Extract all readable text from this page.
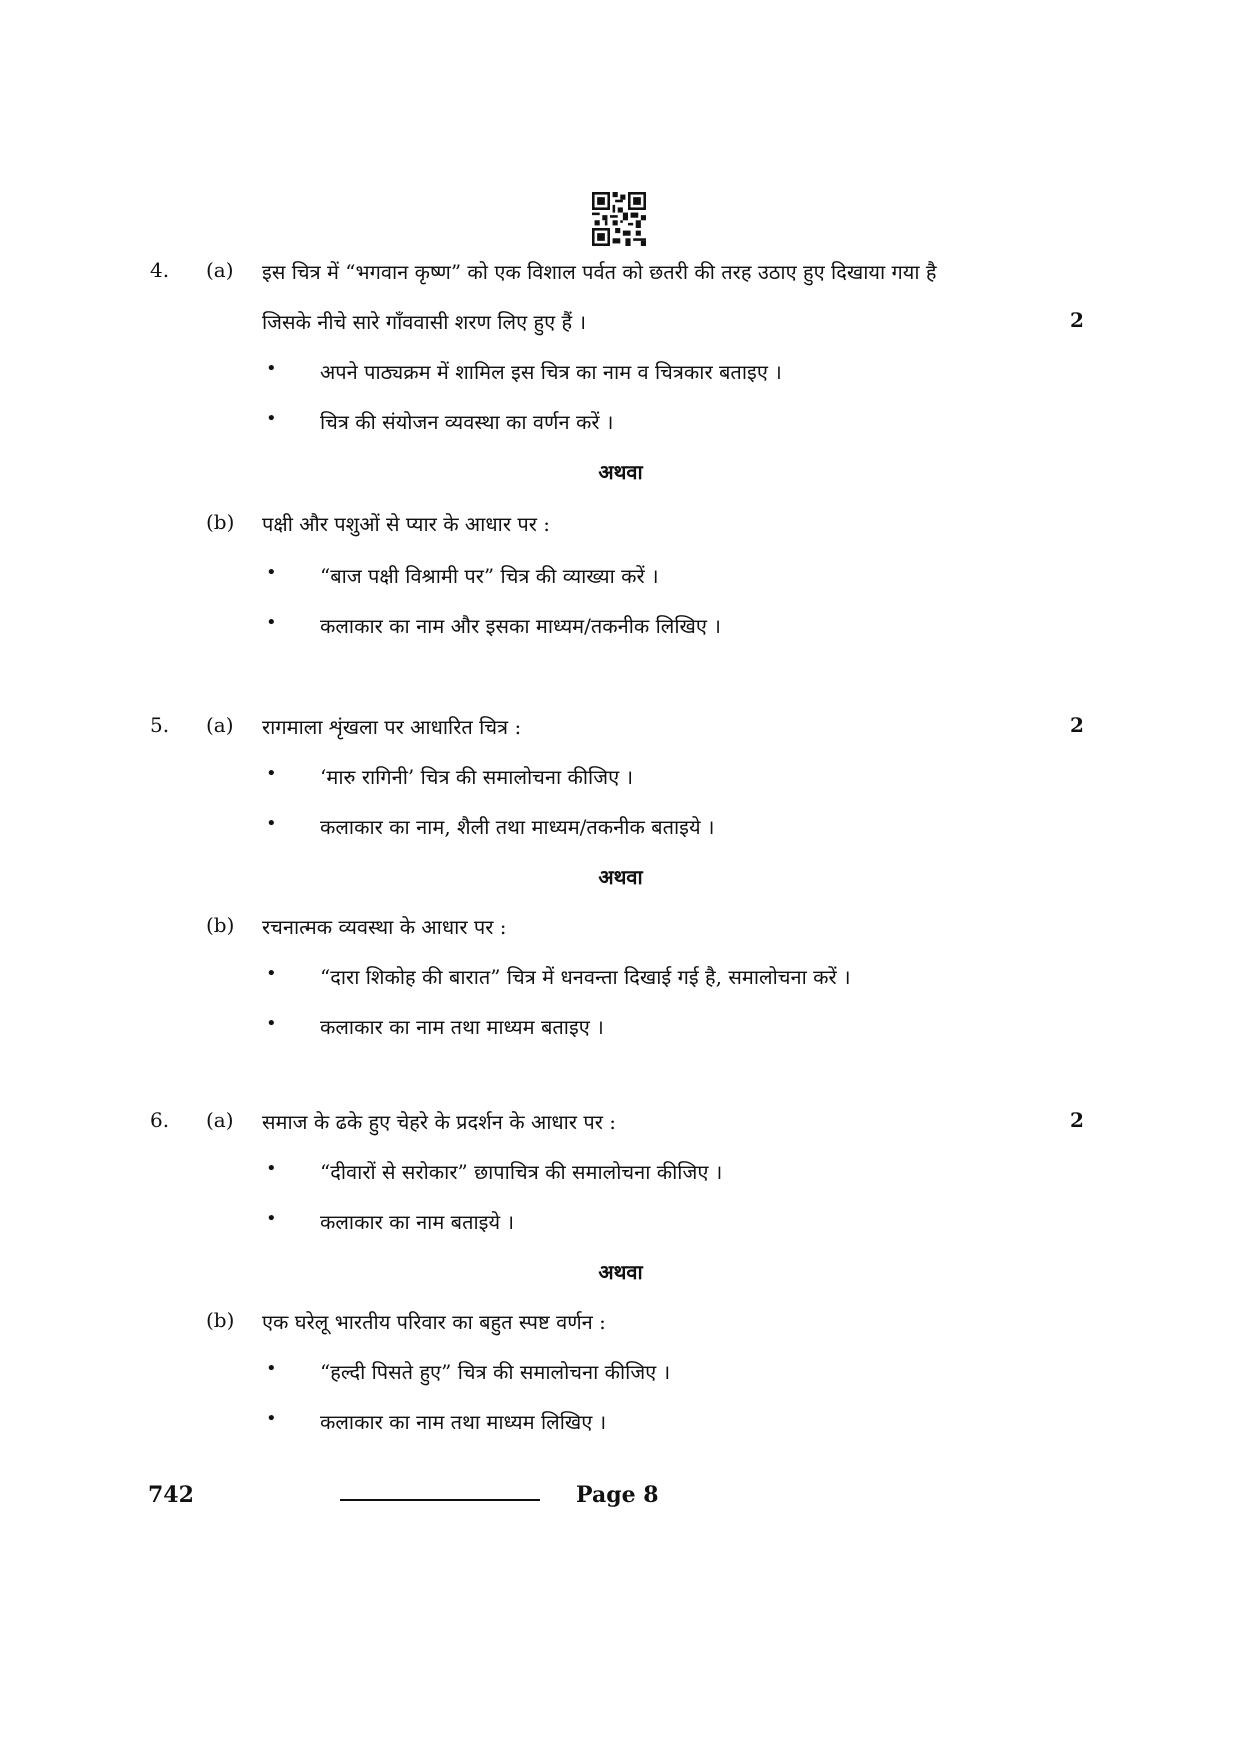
4. (a) इस चित्र में “भगवान कृष्ण” को एक विशाल पर्वत को छतरी की तरह उठाए हुए दिखाया गया है
जिसके नीचे सारे गाँववासी शरण लिए हुए हैं ।	2
• अपने पाठ्यक्रम में शामिल इस चित्र का नाम व चित्रकार बताइए ।
• चित्र की संयोजन व्यवस्था का वर्णन करें ।
अथवा
(b) पक्षी और पशुओं से प्यार के आधार पर :
• “बाज पक्षी विश्रामी पर” चित्र की व्याख्या करें ।
• कलाकार का नाम और इसका माध्यम/तकनीक लिखिए ।
5. (a) रागमाला शृंखला पर आधारित चित्र :	2
• ‘मारु रागिनी’ चित्र की समालोचना कीजिए ।
• कलाकार का नाम, शैली तथा माध्यम/तकनीक बताइये ।
अथवा
(b) रचनात्मक व्यवस्था के आधार पर :
• “दारा शिकोह की बारात” चित्र में धनवन्ता दिखाई गई है, समालोचना करें ।
• कलाकार का नाम तथा माध्यम बताइए ।
6. (a) समाज के ढके हुए चेहरे के प्रदर्शन के आधार पर :	2
• “दीवारों से सरोकार” छापाचित्र की समालोचना कीजिए ।
• कलाकार का नाम बताइये ।
अथवा
(b) एक घरेलू भारतीय परिवार का बहुत स्पष्ट वर्णन :
• “हल्दी पिसते हुए” चित्र की समालोचना कीजिए ।
• कलाकार का नाम तथा माध्यम लिखिए ।
742	Page 8
